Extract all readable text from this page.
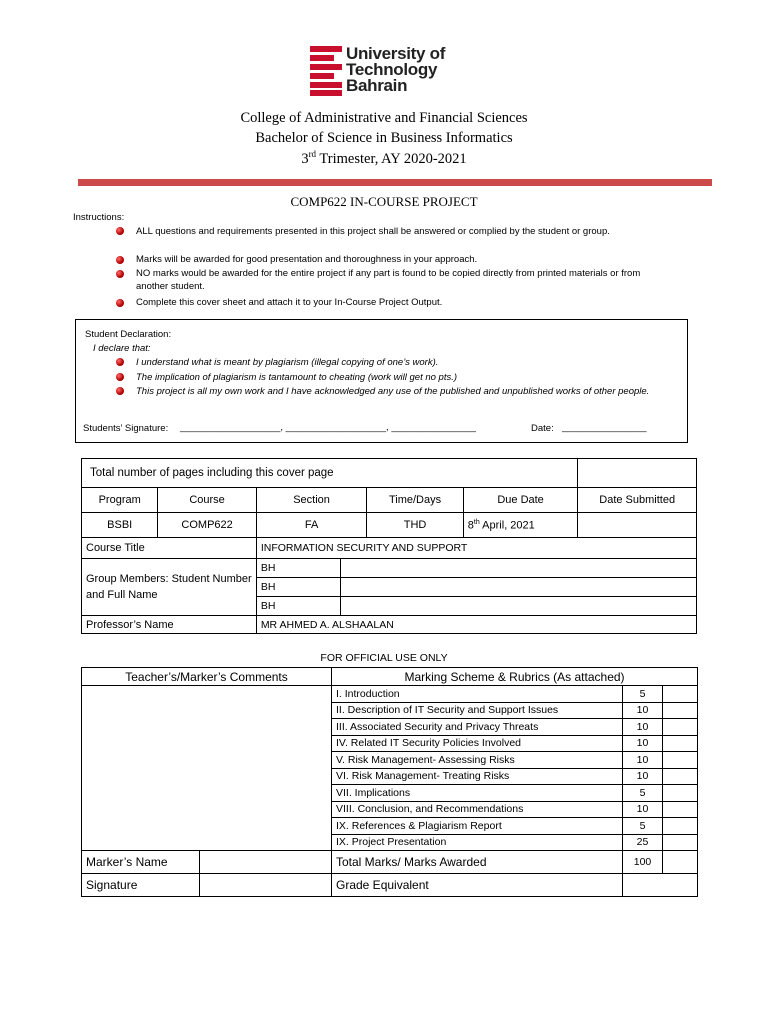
University of
Technology
Bahrain
College of Administrative and Financial Sciences
Bachelor of Science in Business Informatics
3rd Trimester, AY 2020-2021
COMP622 IN-COURSE PROJECT
Instructions:
ALL questions and requirements presented in this project shall be answered or complied by the student or group.
Marks will be awarded for good presentation and thoroughness in your approach.
NO marks would be awarded for the entire project if any part is found to be copied directly from printed materials or from another student.
Complete this cover sheet and attach it to your In-Course Project Output.
Student Declaration:
I declare that:
I understand what is meant by plagiarism (illegal copying of one’s work).
The implication of plagiarism is tantamount to cheating (work will get no pts.)
This project is all my own work and I have acknowledged any use of the published and unpublished works of other people.
Students’ Signature: ___________________, ___________________, ________________	Date: ________________
Total number of pages including this cover page						
Program	Course	Section		Time/Days	Due Date	Date Submitted
BSBI	COMP622	FA		THD	8th April, 2021	
Course Title		INFORMATION SECURITY AND SUPPORT				
Group Members: Student Number and Full Name		BH				
		BH				
		BH				
Professor’s Name		MR AHMED A. ALSHAALAN				
FOR OFFICIAL USE ONLY
Teacher’s/Marker’s Comments		Marking Scheme & Rubrics (As attached)		
		I. Introduction	5	
		II. Description of IT Security and Support Issues	10	
		III. Associated Security and Privacy Threats	10	
		IV. Related IT Security Policies Involved	10	
		V. Risk Management- Assessing Risks	10	
		VI. Risk Management- Treating Risks	10	
		VII. Implications	5	
		VIII. Conclusion, and Recommendations	10	
		IX. References & Plagiarism Report	5	
		IX. Project Presentation	25	
Marker’s Name		Total Marks/ Marks Awarded	100	
Signature		Grade Equivalent		
